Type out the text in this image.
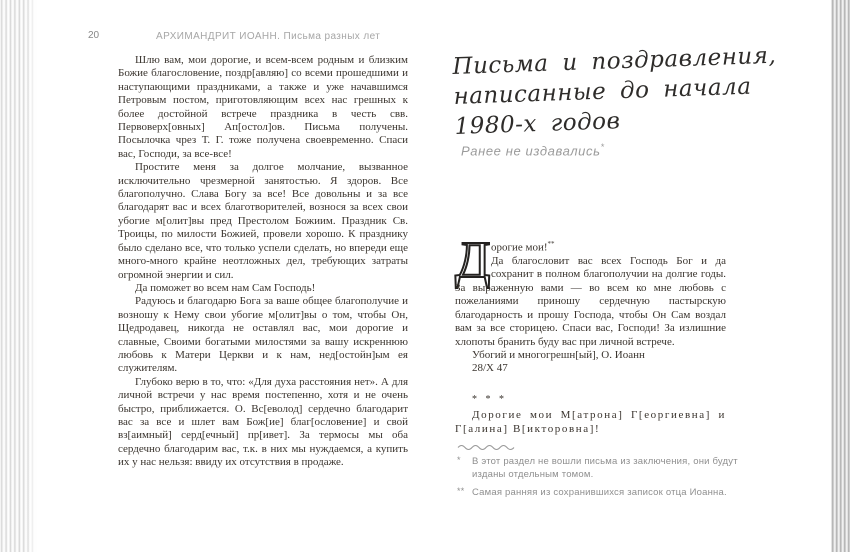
20	АРХИМАНДРИТ ИОАНН. Письма разных лет

Шлю вам, мои дорогие, и всем-всем родным и близким Божие благословение, поздр[авляю] со всеми прошедшими и наступающими праздниками, а также и уже начавшимся Петровым постом, приготовляющим всех нас грешных к более достойной встрече праздника в честь свв. Первоверх[овных] Ап[остол]ов. Письма получены. Посылочка чрез Т. Г. тоже получена своевременно. Спаси вас, Господи, за все-все!

Простите меня за долгое молчание, вызванное исключительно чрезмерной занятостью. Я здоров. Все благополучно. Слава Богу за все! Все довольны и за все благодарят вас и всех благотворителей, вознося за всех свои убогие м[олит]вы пред Престолом Божиим. Праздник Св. Троицы, по милости Божией, провели хорошо. К празднику было сделано все, что только успели сделать, но впереди еще много-много крайне неотложных дел, требующих затраты огромной энергии и сил.

Да поможет во всем нам Сам Господь!

Радуюсь и благодарю Бога за ваше общее благополучие и возношу к Нему свои убогие м[олит]вы о том, чтобы Он, Щедродавец, никогда не оставлял вас, мои дорогие и славные, Своими богатыми милостями за вашу искреннюю любовь к Матери Церкви и к нам, нед[остойн]ым ея служителям.

Глубоко верю в то, что: «Для духа расстояния нет». А для личной встречи у нас время постепенно, хотя и не очень быстро, приближается. О. Вс[еволод] сердечно благодарит вас за все и шлет вам Бож[ие] благ[ословение] и свой вз[аимный] серд[ечный] пр[ивет]. За термосы мы оба сердечно благодарим вас, т.к. в них мы нуждаемся, а купить их у нас нельзя: ввиду их отсутствия в продаже.

Письма и поздравления,
написанные до начала
1980-х годов
Ранее не издавались*
Д орогие мои!**

Да благословит вас всех Господь Бог и да сохранит в полном благополучии на долгие годы. За выраженную вами — во всем ко мне любовь с пожеланиями приношу сердечную пастырскую благодарность и прошу Господа, чтобы Он Сам воздал вам за все сторицею. Спаси вас, Господи! За излишние хлопоты бранить буду вас при личной встрече.

Убогий и многогрешн[ый], О. Иоанн

28/X 47

* * *

Дорогие мои М[атрона] Г[еоргиевна] и Г[алина] В[икторовна]!

*	В этот раздел не вошли письма из заключения, они будут изданы отдельным томом.
** Самая ранняя из сохранившихся записок отца Иоанна.
